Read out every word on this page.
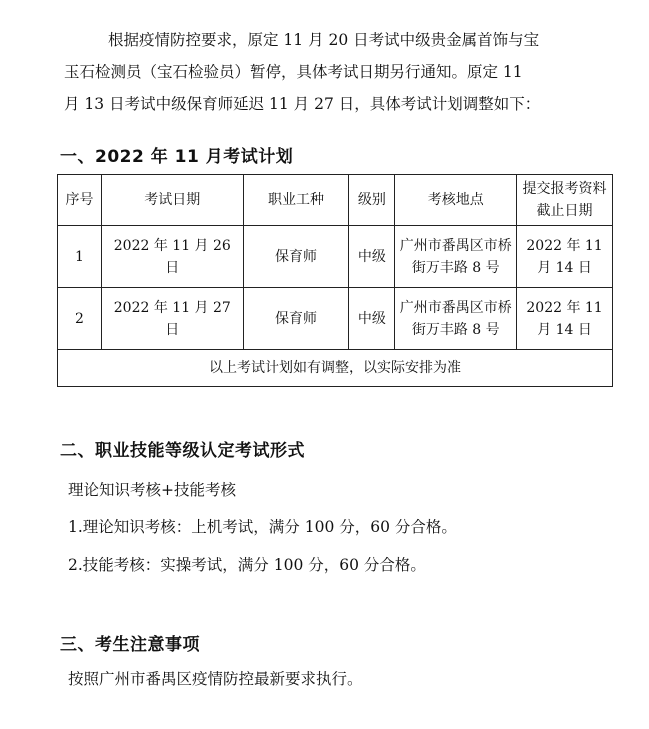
根据疫情防控要求，原定 11 月 20 日考试中级贵金属首饰与宝
玉石检测员（宝石检验员）暂停，具体考试日期另行通知。原定 11
月 13 日考试中级保育师延迟 11 月 27 日，具体考试计划调整如下：
一、2022 年 11 月考试计划
序号	考试日期	职业工种	级别	考核地点	提交报考资料截止日期
1	2022 年 11 月 26 日	保育师	中级	广州市番禺区市桥街万丰路 8 号	2022 年 11 月 14 日
2	2022 年 11 月 27 日	保育师	中级	广州市番禺区市桥街万丰路 8 号	2022 年 11 月 14 日
以上考试计划如有调整，以实际安排为准					
二、职业技能等级认定考试形式
理论知识考核+技能考核
1.理论知识考核：上机考试，满分 100 分，60 分合格。
2.技能考核：实操考试，满分 100 分，60 分合格。
三、考生注意事项
按照广州市番禺区疫情防控最新要求执行。
